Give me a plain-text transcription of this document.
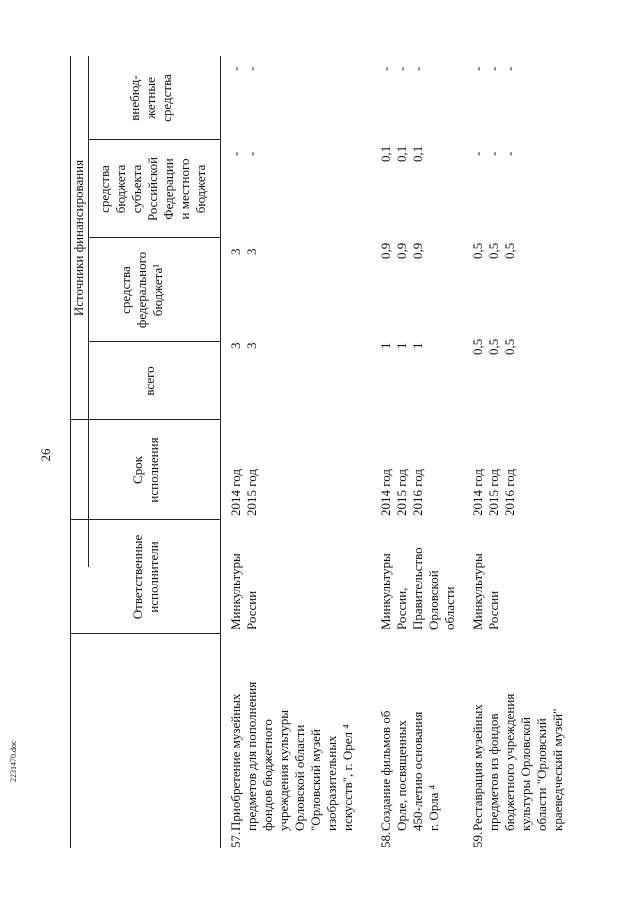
26
2231470.doc
Ответственные
исполнители
Срок
исполнения
Источники финансирования
всего
средства
федерального
бюджета¹
средства
бюджета
субъекта
Российской
Федерации
и местного
бюджета
внебюд-
жетные
средства
57.
Приобретение музейных
предметов для пополнения
фондов бюджетного
учреждения культуры
Орловской области
"Орловский музей
изобразительных
искусств", г. Орел ⁴
Минкультуры
России
2014 год
2015 год
3
3
3
3
-
-
-
-
58.
Создание фильмов об
Орле, посвященных
450-летию основания
г. Орла ⁴
Минкультуры
России,
Правительство
Орловской
области
2014 год
2015 год
2016 год
1
1
1
0,9
0,9
0,9
0,1
0,1
0,1
-
-
-
59.
Реставрация музейных
предметов из фондов
бюджетного учреждения
культуры Орловской
области "Орловский
краеведческий музей"
Минкультуры
России
2014 год
2015 год
2016 год
0,5
0,5
0,5
0,5
0,5
0,5
-
-
-
-
-
-
